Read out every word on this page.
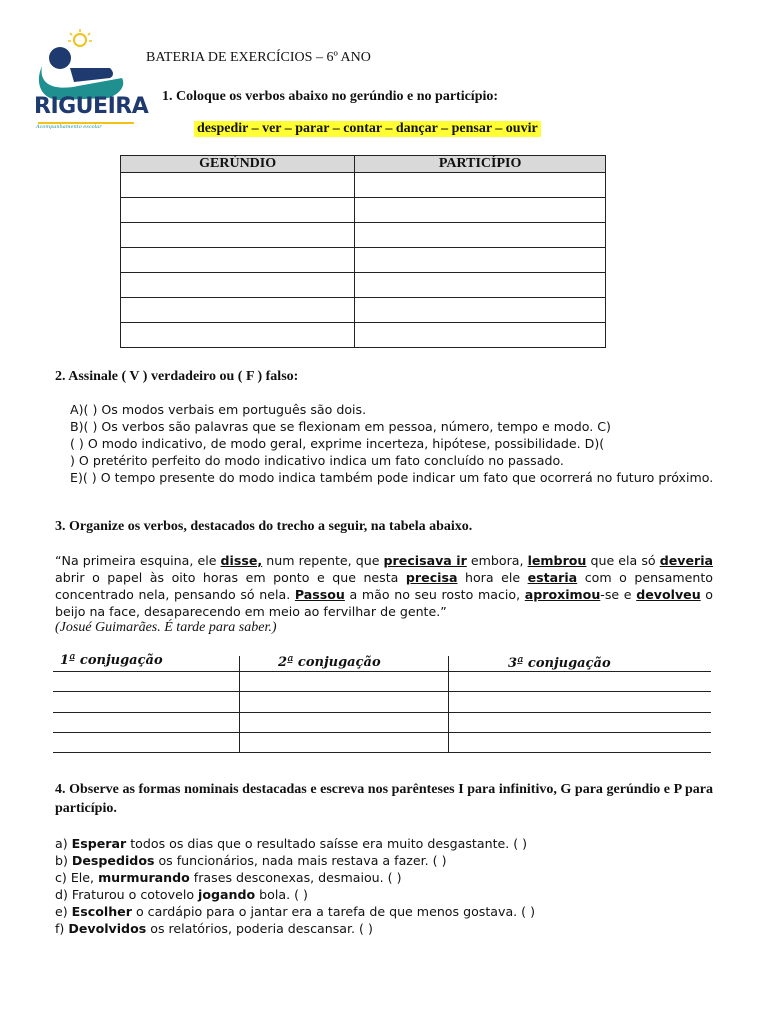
RIGUEIRA
Acompanhamento escolar
BATERIA DE EXERCÍCIOS – 6º ANO
1. Coloque os verbos abaixo no gerúndio e no particípio:
despedir – ver – parar – contar – dançar – pensar – ouvir
GERÚNDIO	PARTICÍPIO

2. Assinale ( V ) verdadeiro ou ( F ) falso:
A)( ) Os modos verbais em português são dois.
B)( ) Os verbos são palavras que se flexionam em pessoa, número, tempo e modo. C)
( ) O modo indicativo, de modo geral, exprime incerteza, hipótese, possibilidade. D)(
) O pretérito perfeito do modo indicativo indica um fato concluído no passado.
E)( ) O tempo presente do modo indica também pode indicar um fato que ocorrerá no futuro próximo.
3. Organize os verbos, destacados do trecho a seguir, na tabela abaixo.
“Na primeira esquina, ele disse, num repente, que precisava ir embora, lembrou que ela só deveria abrir o papel às oito horas em ponto e que nesta precisa hora ele estaria com o pensamento concentrado nela, pensando só nela. Passou a mão no seu rosto macio, aproximou-se e devolveu o beijo na face, desaparecendo em meio ao fervilhar de gente.”
(Josué Guimarães. É tarde para saber.)
1ª conjugação	2ª conjugação	3ª conjugação
4. Observe as formas nominais destacadas e escreva nos parênteses I para infinitivo, G para gerúndio e P para particípio.
a) Esperar todos os dias que o resultado saísse era muito desgastante. ( )
b) Despedidos os funcionários, nada mais restava a fazer. ( )
c) Ele, murmurando frases desconexas, desmaiou. ( )
d) Fraturou o cotovelo jogando bola. ( )
e) Escolher o cardápio para o jantar era a tarefa de que menos gostava. ( )
f) Devolvidos os relatórios, poderia descansar. ( )
